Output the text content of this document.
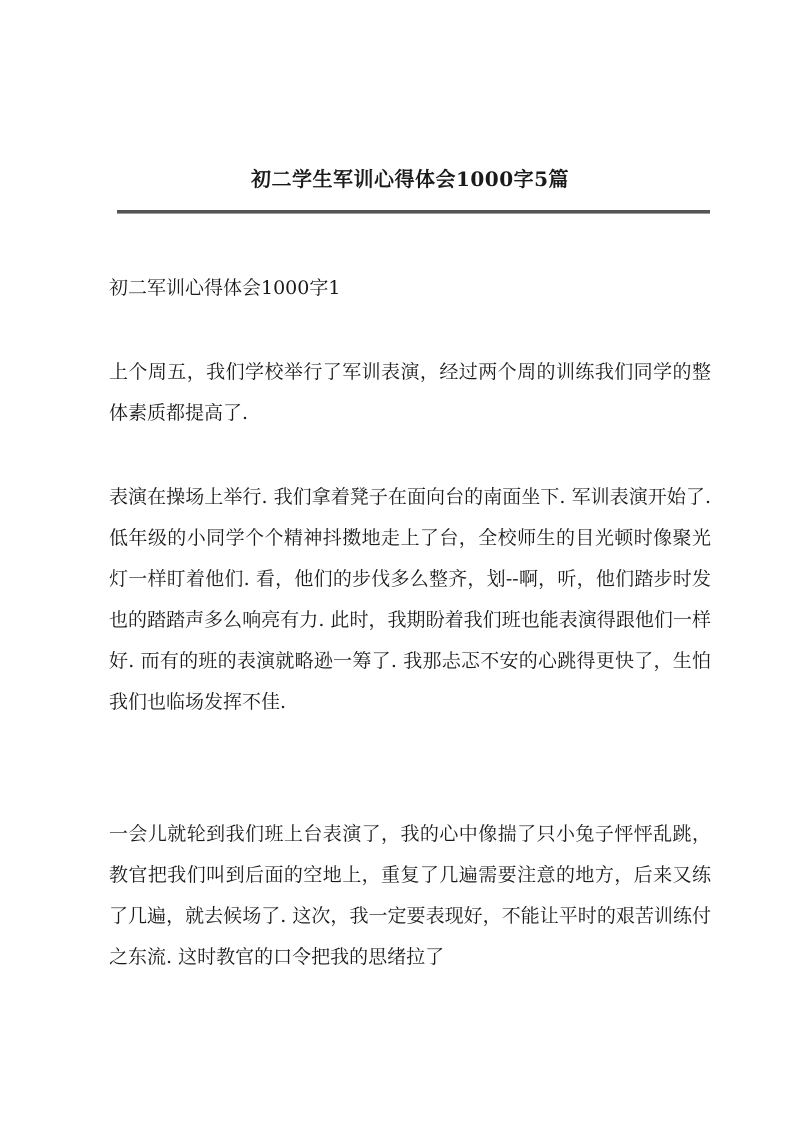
初二学生军训心得体会1000字5篇

初二军训心得体会1000字1

上个周五，我们学校举行了军训表演，经过两个周的训练我们同学的整体素质都提高了.

表演在操场上举行. 我们拿着凳子在面向台的南面坐下. 军训表演开始了. 低年级的小同学个个精神抖擞地走上了台，全校师生的目光顿时像聚光灯一样盯着他们. 看，他们的步伐多么整齐，划--啊，听，他们踏步时发也的踏踏声多么响亮有力. 此时，我期盼着我们班也能表演得跟他们一样好. 而有的班的表演就略逊一筹了. 我那忐忑不安的心跳得更快了，生怕我们也临场发挥不佳.

一会儿就轮到我们班上台表演了，我的心中像揣了只小兔子怦怦乱跳，教官把我们叫到后面的空地上，重复了几遍需要注意的地方，后来又练了几遍，就去候场了. 这次，我一定要表现好，不能让平时的艰苦训练付之东流. 这时教官的口令把我的思绪拉了
